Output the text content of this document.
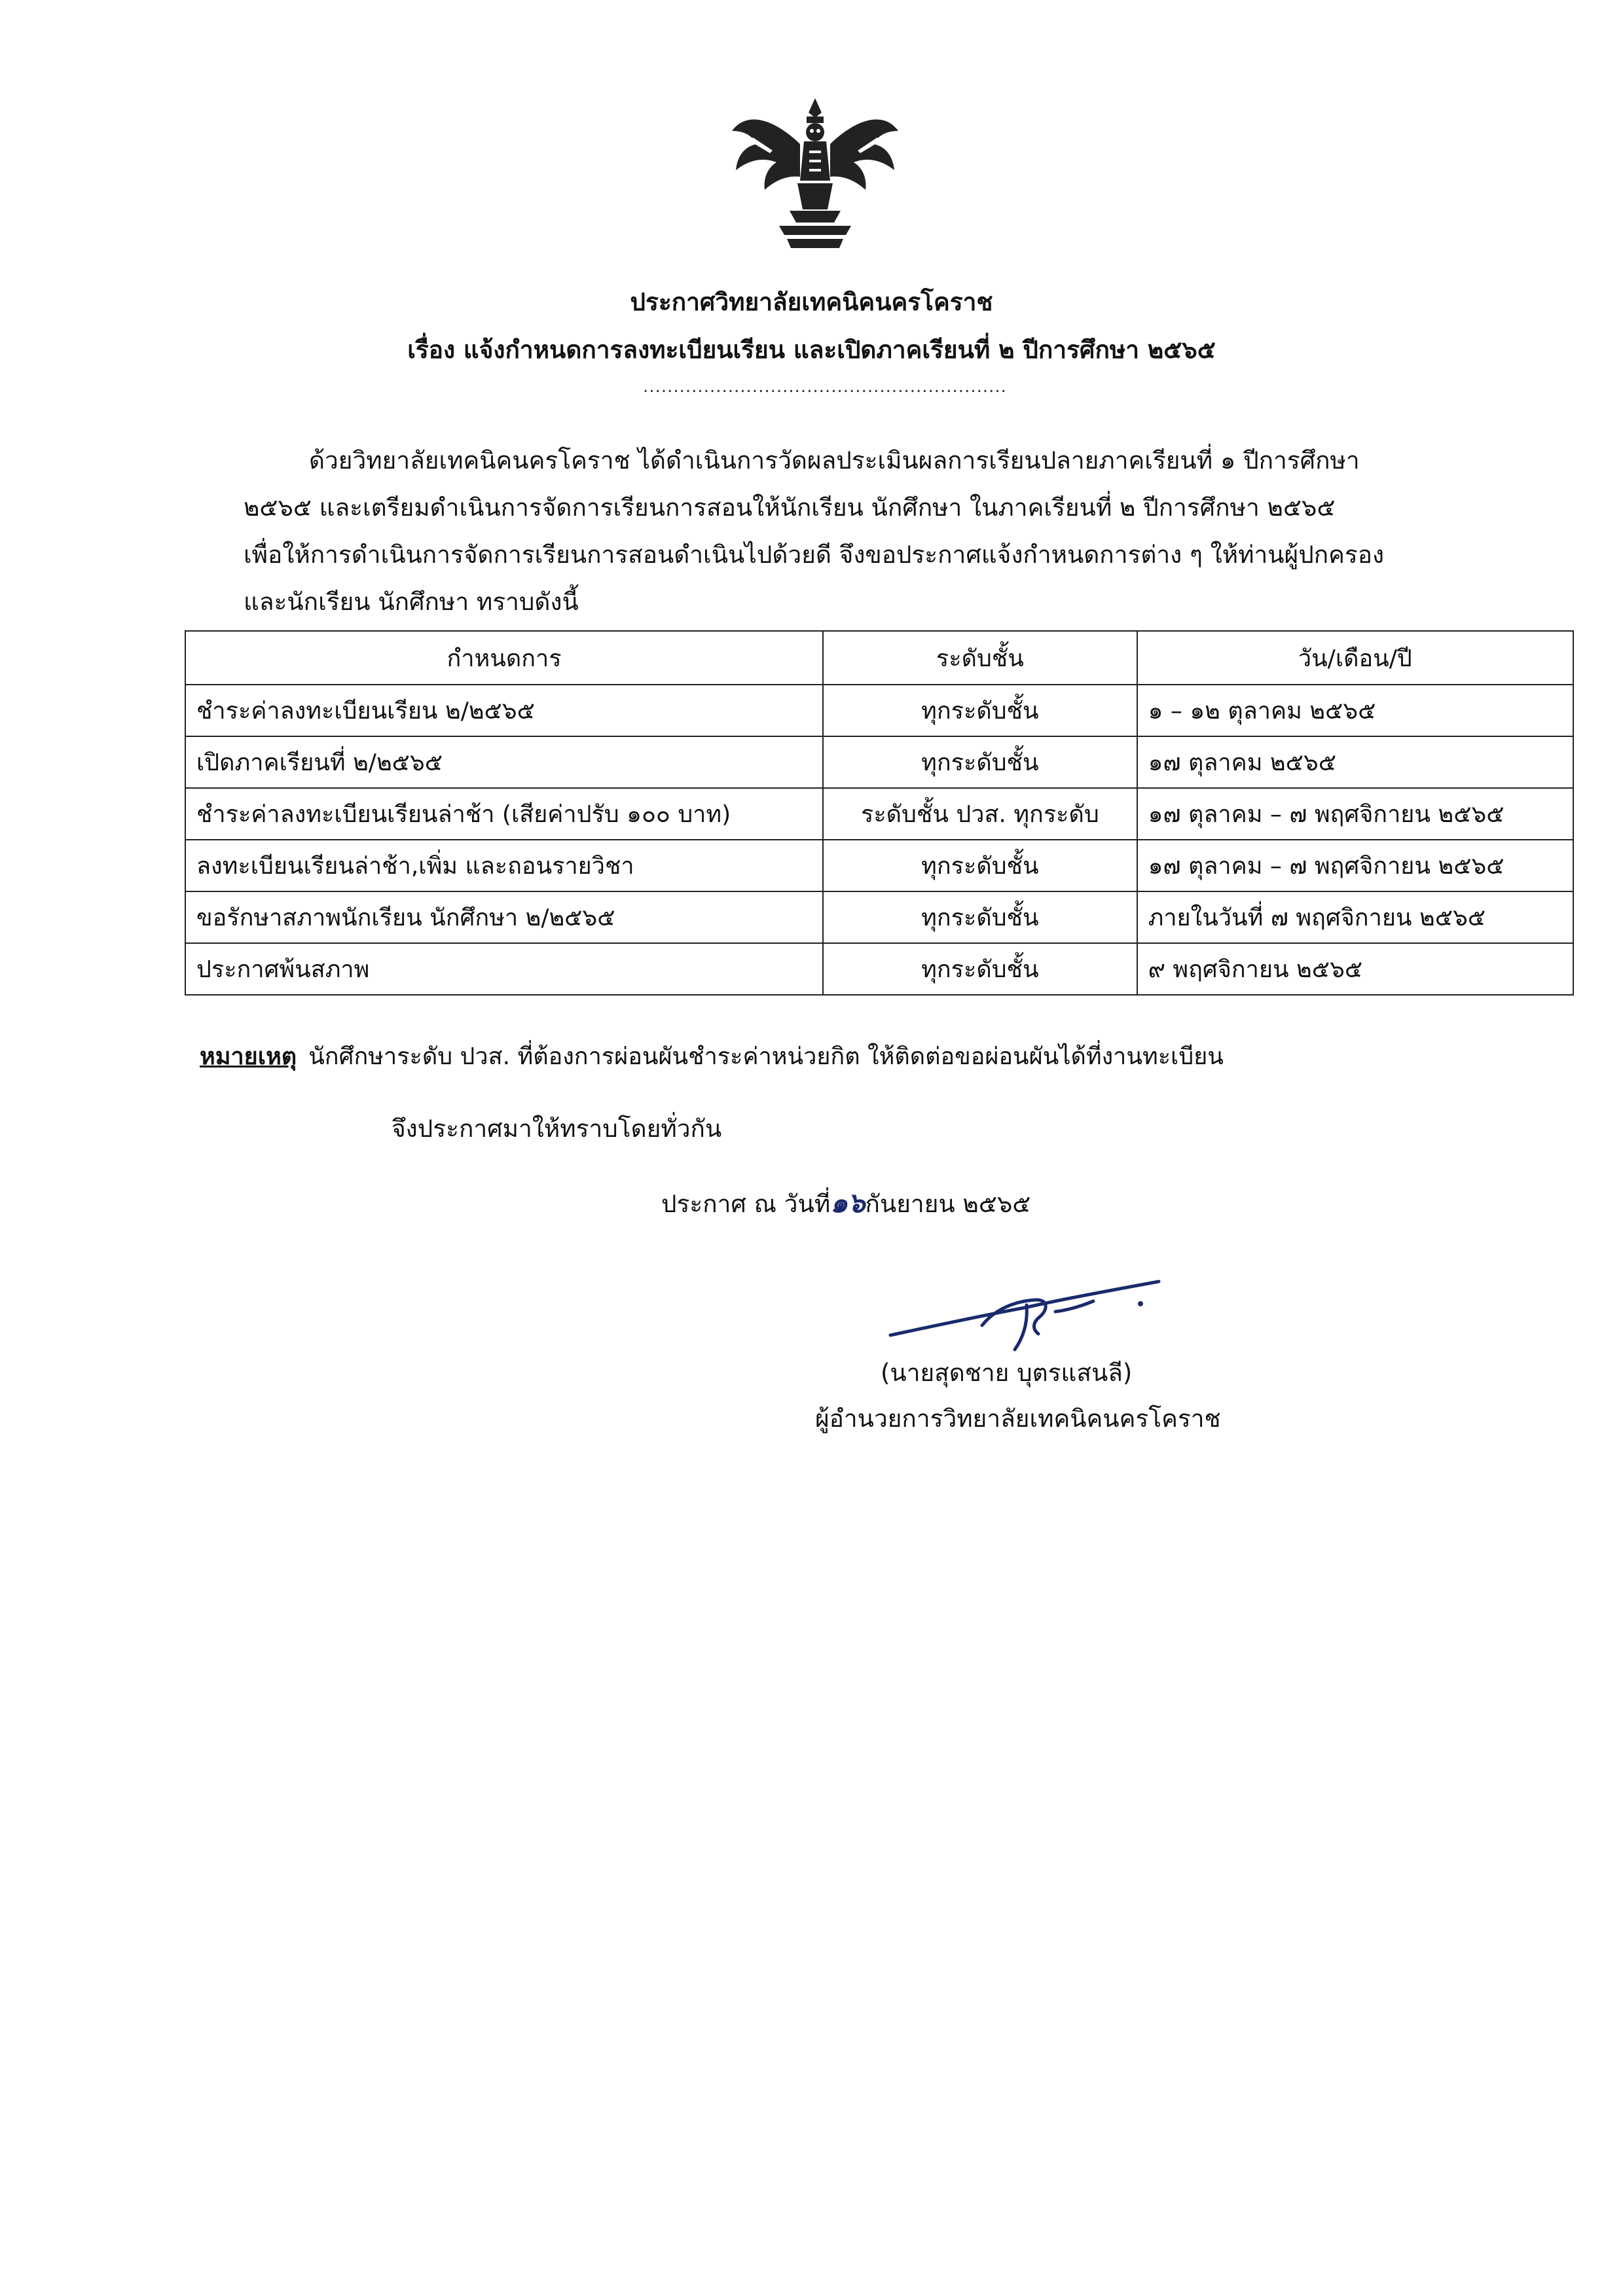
ประกาศวิทยาลัยเทคนิคนครโคราช
เรื่อง แจ้งกำหนดการลงทะเบียนเรียน และเปิดภาคเรียนที่ ๒ ปีการศึกษา ๒๕๖๕
............................................................

ด้วยวิทยาลัยเทคนิคนครโคราช ได้ดำเนินการวัดผลประเมินผลการเรียนปลายภาคเรียนที่ ๑ ปีการศึกษา

๒๕๖๕ และเตรียมดำเนินการจัดการเรียนการสอนให้นักเรียน นักศึกษา ในภาคเรียนที่ ๒ ปีการศึกษา ๒๕๖๕

เพื่อให้การดำเนินการจัดการเรียนการสอนดำเนินไปด้วยดี จึงขอประกาศแจ้งกำหนดการต่าง ๆ ให้ท่านผู้ปกครอง

และนักเรียน นักศึกษา ทราบดังนี้

กำหนดการ	ระดับชั้น	วัน/เดือน/ปี
ชำระค่าลงทะเบียนเรียน ๒/๒๕๖๕	ทุกระดับชั้น	๑ – ๑๒ ตุลาคม ๒๕๖๕
เปิดภาคเรียนที่ ๒/๒๕๖๕	ทุกระดับชั้น	๑๗ ตุลาคม ๒๕๖๕
ชำระค่าลงทะเบียนเรียนล่าช้า (เสียค่าปรับ ๑๐๐ บาท)	ระดับชั้น ปวส. ทุกระดับ	๑๗ ตุลาคม – ๗ พฤศจิกายน ๒๕๖๕
ลงทะเบียนเรียนล่าช้า,เพิ่ม และถอนรายวิชา	ทุกระดับชั้น	๑๗ ตุลาคม – ๗ พฤศจิกายน ๒๕๖๕
ขอรักษาสภาพนักเรียน นักศึกษา ๒/๒๕๖๕	ทุกระดับชั้น	ภายในวันที่ ๗ พฤศจิกายน ๒๕๖๕
ประกาศพ้นสภาพ	ทุกระดับชั้น	๙ พฤศจิกายน ๒๕๖๕
หมายเหตุ นักศึกษาระดับ ปวส. ที่ต้องการผ่อนผันชำระค่าหน่วยกิต ให้ติดต่อขอผ่อนผันได้ที่งานทะเบียน
จึงประกาศมาให้ทราบโดยทั่วกัน
ประกาศ ณ วันที่๑๖กันยายน ๒๕๖๕
(นายสุดชาย บุตรแสนลี)
ผู้อำนวยการวิทยาลัยเทคนิคนครโคราช
